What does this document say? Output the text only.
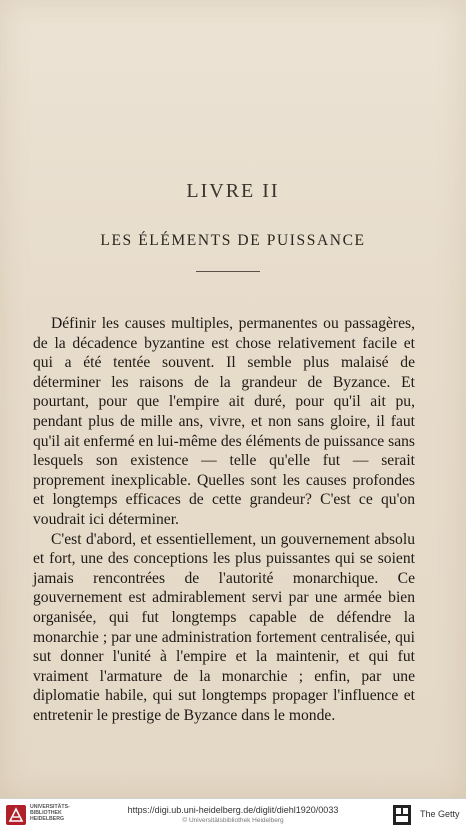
LIVRE II
LES ÉLÉMENTS DE PUISSANCE

Définir les causes multiples, permanentes ou passagères, de la décadence byzantine est chose relativement facile et qui a été tentée souvent. Il semble plus malaisé de déterminer les raisons de la grandeur de Byzance. Et pourtant, pour que l'empire ait duré, pour qu'il ait pu, pendant plus de mille ans, vivre, et non sans gloire, il faut qu'il ait enfermé en lui-même des éléments de puissance sans lesquels son existence — telle qu'elle fut — serait proprement inexplicable. Quelles sont les causes profondes et longtemps efficaces de cette grandeur? C'est ce qu'on voudrait ici déterminer.

C'est d'abord, et essentiellement, un gouvernement absolu et fort, une des conceptions les plus puissantes qui se soient jamais rencontrées de l'autorité monarchique. Ce gouvernement est admirablement servi par une armée bien organisée, qui fut longtemps capable de défendre la monarchie ; par une administration fortement centralisée, qui sut donner l'unité à l'empire et la maintenir, et qui fut vraiment l'armature de la monarchie ; enfin, par une diplomatie habile, qui sut longtemps propager l'influence et entretenir le prestige de Byzance dans le monde.

UNIVERSITÄTS-BIBLIOTHEK HEIDELBERG
https://digi.ub.uni-heidelberg.de/diglit/diehl1920/0033
© Universitätsbibliothek Heidelberg
The Getty
